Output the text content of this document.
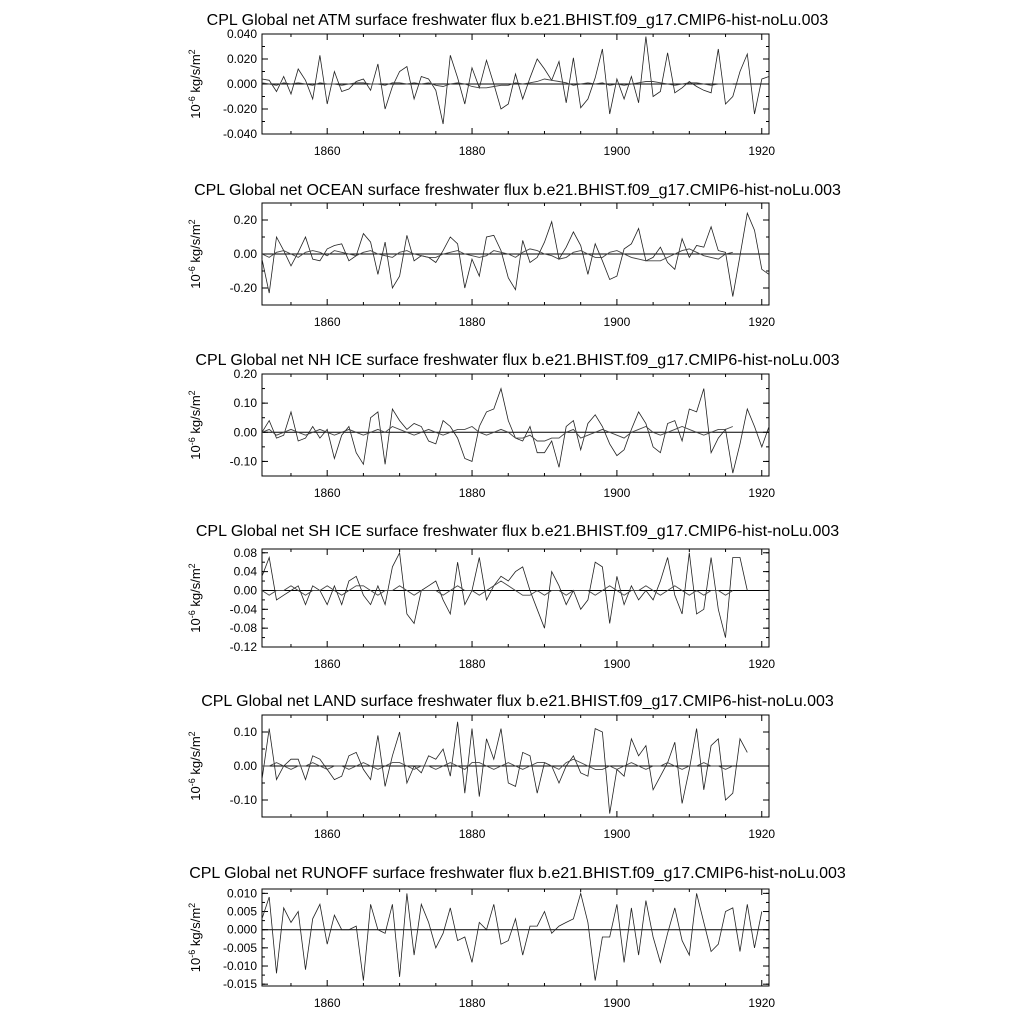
CPL Global net ATM surface freshwater flux b.e21.BHIST.f09_g17.CMIP6-hist-noLu.003
0.040
0.020
0.000
-0.020
-0.040
1860	1880	1900	1920
$10^{-6}$ $kg/s/m^2$
CPL Global net OCEAN surface freshwater flux b.e21.BHIST.f09_g17.CMIP6-hist-noLu.003
0.20
0.00
-0.20
1860	1880	1900	1920
$10^{-6}$ $kg/s/m^2$
CPL Global net NH ICE surface freshwater flux b.e21.BHIST.f09_g17.CMIP6-hist-noLu.003
0.20
0.10
0.00
-0.10
1860	1880	1900	1920
$10^{-6}$ $kg/s/m^2$
CPL Global net SH ICE surface freshwater flux b.e21.BHIST.f09_g17.CMIP6-hist-noLu.003
0.08
0.04
0.00
-0.04
-0.08
-0.12
1860	1880	1900	1920
$10^{-6}$ $kg/s/m^2$
CPL Global net LAND surface freshwater flux b.e21.BHIST.f09_g17.CMIP6-hist-noLu.003
0.10
0.00
-0.10
1860	1880	1900	1920
$10^{-6}$ $kg/s/m^2$
CPL Global net RUNOFF surface freshwater flux b.e21.BHIST.f09_g17.CMIP6-hist-noLu.003
0.010
0.005
0.000
-0.005
-0.010
-0.015
1860	1880	1900	1920
$10^{-6}$ $kg/s/m^2$
